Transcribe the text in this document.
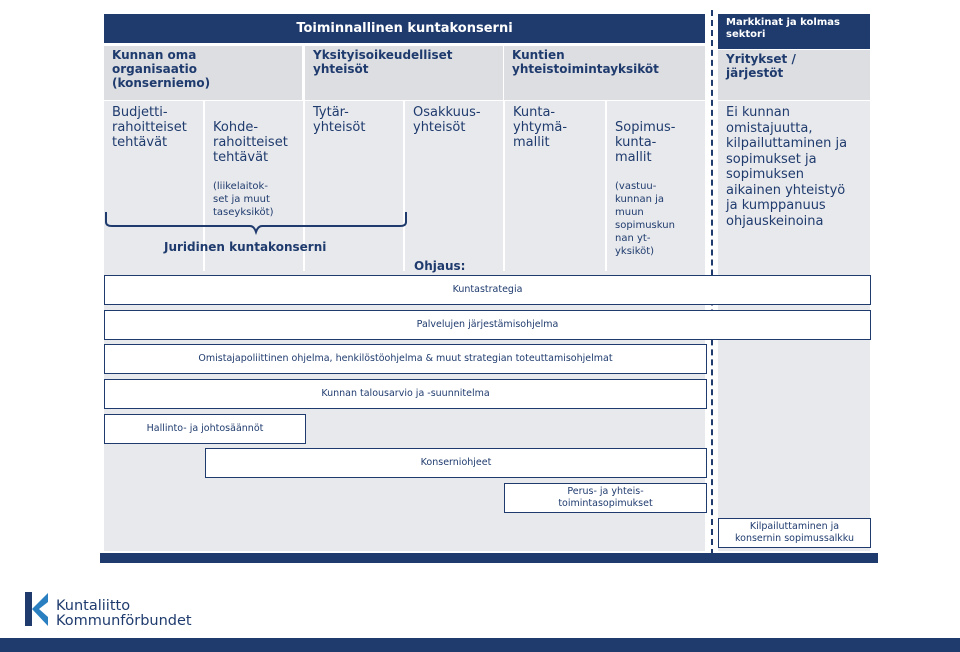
Toiminnallinen kuntakonserni	Markkinat ja kolmas
sektori
Kunnan oma
organisaatio
(konserniemo)
Yksityisoikeudelliset
yhteisöt
Kuntien
yhteistoimintayksiköt
Yritykset /
järjestöt
Budjetti-
rahoitteiset
tehtävät

Kohde-
rahoitteiset
tehtävät

(liikelaitok-
set ja muut
taseyksiköt)

Tytär-
yhteisöt
Osakkuus-
yhteisöt
Kunta-
yhtymä-
mallit

Sopimus-
kunta-
mallit

(vastuu-
kunnan ja
muun
sopimuskun
nan yt-
yksiköt)

Ei kunnan
omistajuutta,
kilpailuttaminen ja
sopimukset ja
sopimuksen
aikainen yhteistyö
ja kumppanuus
ohjauskeinoina
Juridinen kuntakonserni
Ohjaus:
Kuntastrategia
Palvelujen järjestämisohjelma
Omistajapoliittinen ohjelma, henkilöstöohjelma & muut strategian toteuttamisohjelmat
Kunnan talousarvio ja -suunnitelma
Hallinto- ja johtosäännöt
Konserniohjeet
Perus- ja yhteis-
toimintasopimukset
Kilpailuttaminen ja
konsernin sopimussalkku
Kuntaliitto
Kommunförbundet
